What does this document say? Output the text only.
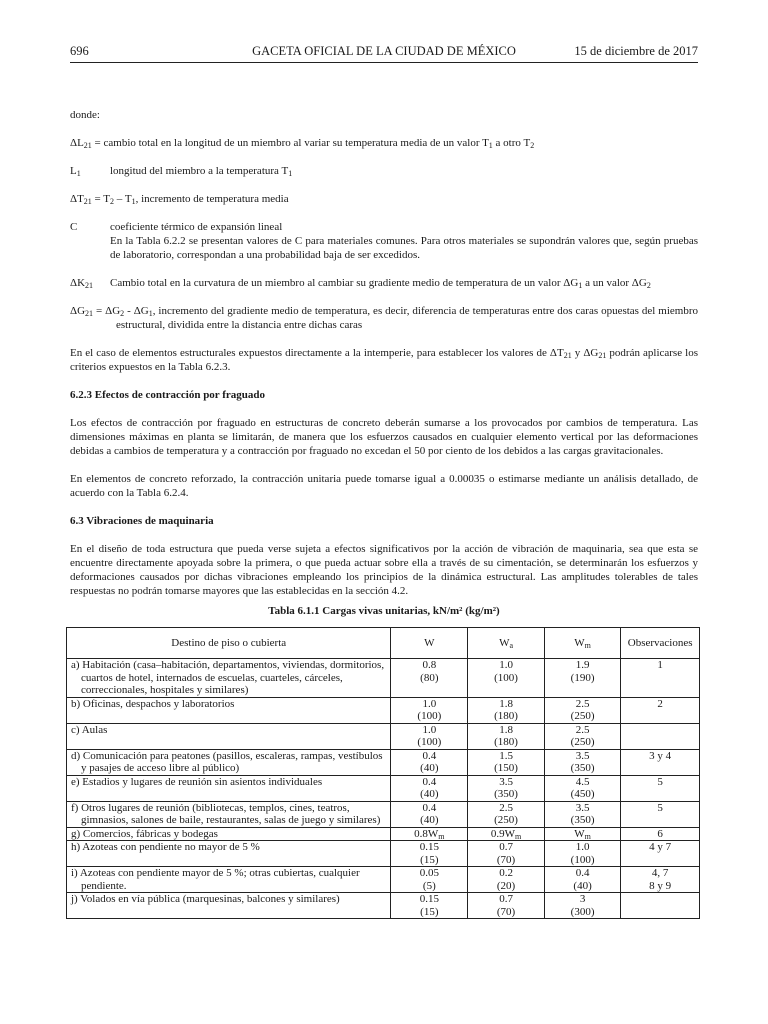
696	GACETA OFICIAL DE LA CIUDAD DE MÉXICO	15 de diciembre de 2017

donde:

$\Delta L_{21}$ = cambio total en la longitud de un miembro al variar su temperatura media de un valor $T_1$ a otro $T_2$

$L_1$	longitud del miembro a la temperatura $T_1$

$\Delta T_{21} = T_2 - T_1$, incremento de temperatura media

C	coeficiente térmico de expansión lineal

En la Tabla 6.2.2 se presentan valores de C para materiales comunes. Para otros materiales se supondrán valores que, según pruebas de laboratorio, correspondan a una probabilidad baja de ser excedidos.
$\Delta K_{21}$	Cambio total en la curvatura de un miembro al cambiar su gradiente medio de temperatura de un valor $\Delta G_1$ a un valor $\Delta G_2$

$\Delta G_{21} = \Delta G_2 - \Delta G_1$, incremento del gradiente medio de temperatura, es decir, diferencia de temperaturas entre dos caras opuestas del miembro estructural, dividida entre la distancia entre dichas caras

En el caso de elementos estructurales expuestos directamente a la intemperie, para establecer los valores de $\Delta T_{21}$ y $\Delta G_{21}$ podrán aplicarse los criterios expuestos en la Tabla 6.2.3.

6.2.3 Efectos de contracción por fraguado

Los efectos de contracción por fraguado en estructuras de concreto deberán sumarse a los provocados por cambios de temperatura. Las dimensiones máximas en planta se limitarán, de manera que los esfuerzos causados en cualquier elemento vertical por las deformaciones debidas a cambios de temperatura y a contracción por fraguado no excedan el 50 por ciento de los debidos a las cargas gravitacionales.

En elementos de concreto reforzado, la contracción unitaria puede tomarse igual a 0.00035 o estimarse mediante un análisis detallado, de acuerdo con la Tabla 6.2.4.

6.3 Vibraciones de maquinaria

En el diseño de toda estructura que pueda verse sujeta a efectos significativos por la acción de vibración de maquinaria, sea que esta se encuentre directamente apoyada sobre la primera, o que pueda actuar sobre ella a través de su cimentación, se determinarán los esfuerzos y deformaciones causados por dichas vibraciones empleando los principios de la dinámica estructural. Las amplitudes tolerables de tales respuestas no podrán tomarse mayores que las establecidas en la sección 4.2.

Tabla 6.1.1 Cargas vivas unitarias, kN/m² (kg/m²)

Destino de piso o cubierta	W	$W_a$	$W_m$	Observaciones
a) Habitación (casa–habitación, departamentos, viviendas, dormitorios, cuartos de hotel, internados de escuelas, cuarteles, cárceles, correccionales, hospitales y similares)	0.8
(80)	1.0
(100)	1.9
(190)	1
b) Oficinas, despachos y laboratorios	1.0
(100)	1.8
(180)	2.5
(250)	2
c) Aulas	1.0
(100)	1.8
(180)	2.5
(250)	
d) Comunicación para peatones (pasillos, escaleras, rampas, vestíbulos y pasajes de acceso libre al público)	0.4
(40)	1.5
(150)	3.5
(350)	3 y 4
e) Estadios y lugares de reunión sin asientos individuales	0.4
(40)	3.5
(350)	4.5
(450)	5
f) Otros lugares de reunión (bibliotecas, templos, cines, teatros, gimnasios, salones de baile, restaurantes, salas de juego y similares)	0.4
(40)	2.5
(250)	3.5
(350)	5
g) Comercios, fábricas y bodegas	$0.8W_m$	$0.9W_m$	$W_m$	6
h) Azoteas con pendiente no mayor de 5 %	0.15
(15)	0.7
(70)	1.0
(100)	4 y 7
i) Azoteas con pendiente mayor de 5 %; otras cubiertas, cualquier pendiente.	0.05
(5)	0.2
(20)	0.4
(40)	4, 7
8 y 9
j) Volados en vía pública (marquesinas, balcones y similares)	0.15
(15)	0.7
(70)	3
(300)	
